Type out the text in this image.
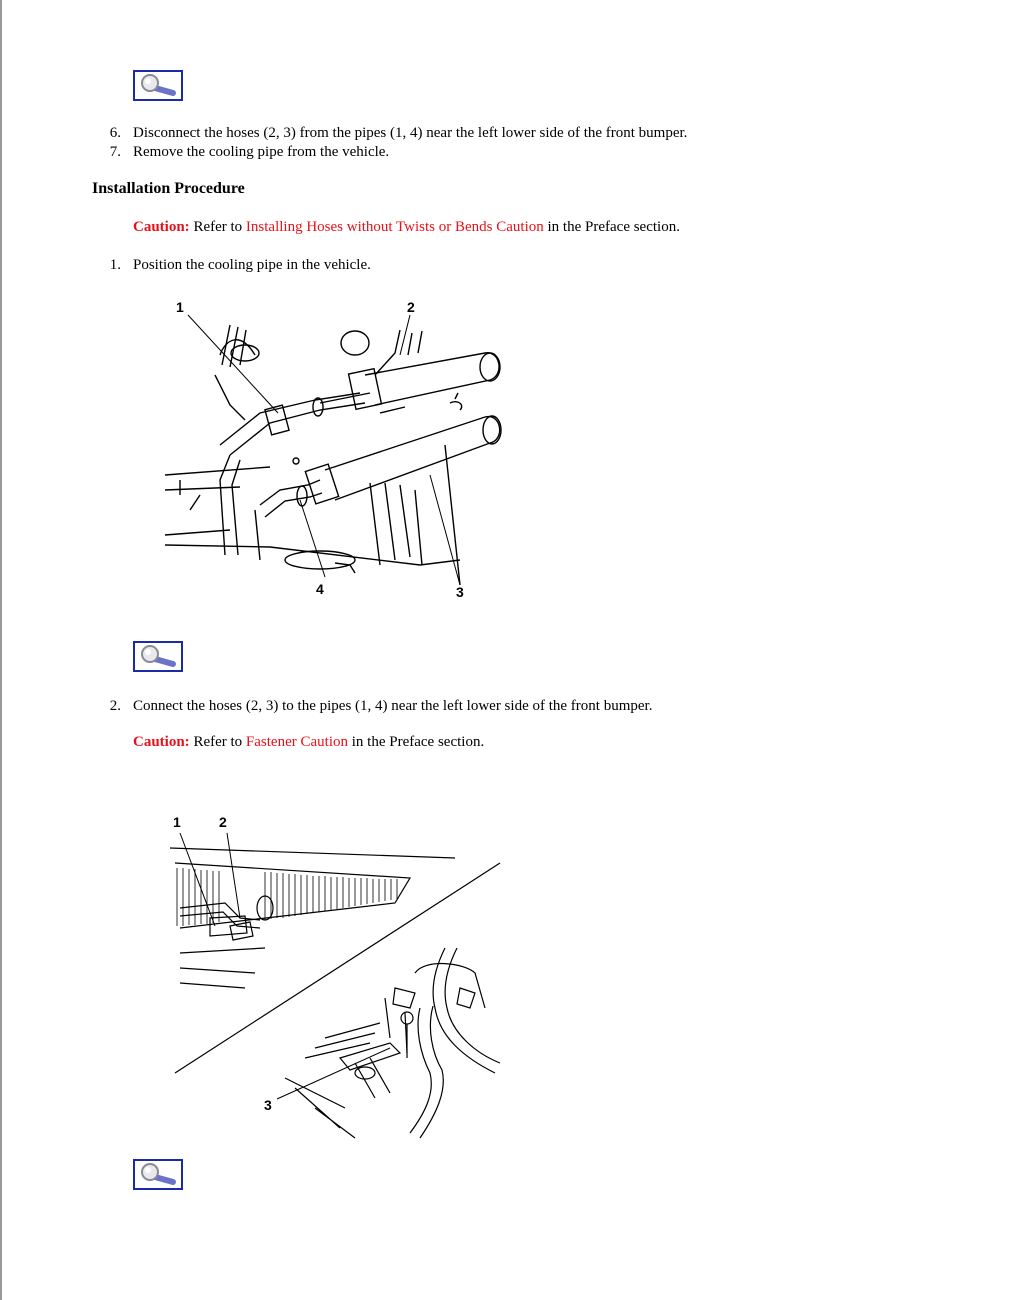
6. Disconnect the hoses (2, 3) from the pipes (1, 4) near the left lower side of the front bumper.
7. Remove the cooling pipe from the vehicle.
Installation Procedure
Caution: Refer to Installing Hoses without Twists or Bends Caution in the Preface section.
1. Position the cooling pipe in the vehicle.
1	2
3
4
2. Connect the hoses (2, 3) to the pipes (1, 4) near the left lower side of the front bumper.
Caution: Refer to Fastener Caution in the Preface section.
1	2
3
